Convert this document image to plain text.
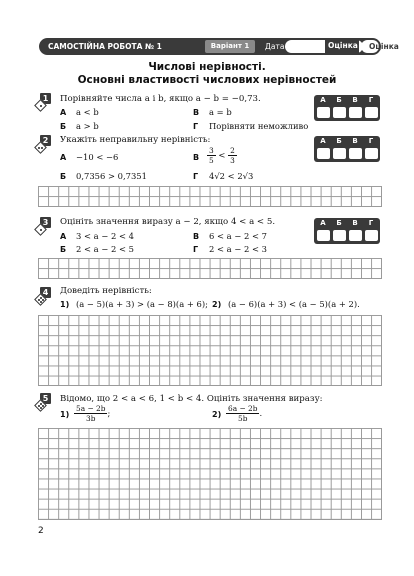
САМОСТІЙНА РОБОТА № 1	Варіант 1	Дата	Оцінка
Оцінка
Числові нерівності.
Основні властивості числових нерівностей
1	Порівняйте числа a і b, якщо a − b = −0,73.
А a < b	В a = b
Б a > b	Г Порівняти неможливо
А	Б	В	Г
2	Укажіть неправильну нерівність:
А −10 < −6	В $\frac{3}{5} < \frac{2}{3}$
Б 0,7356 > 0,7351	Г 4√2 < 2√3
А	Б	В	Г
3	Оцініть значення виразу a − 2, якщо 4 < a < 5.
А 3 < a − 2 < 4	В 6 < a − 2 < 7
Б 2 < a − 2 < 5	Г 2 < a − 2 < 3
А	Б	В	Г
4	Доведіть нерівність:
1) (a − 5)(a + 3) > (a − 8)(a + 6); 2) (a − 6)(a + 3) < (a − 5)(a + 2).
5	Відомо, що 2 < a < 6, 1 < b < 4. Оцініть значення виразу:
$1) \frac{5a - 2b}{3b}$ ;	$2) \frac{6a - 2b}{5b}$ .
2
